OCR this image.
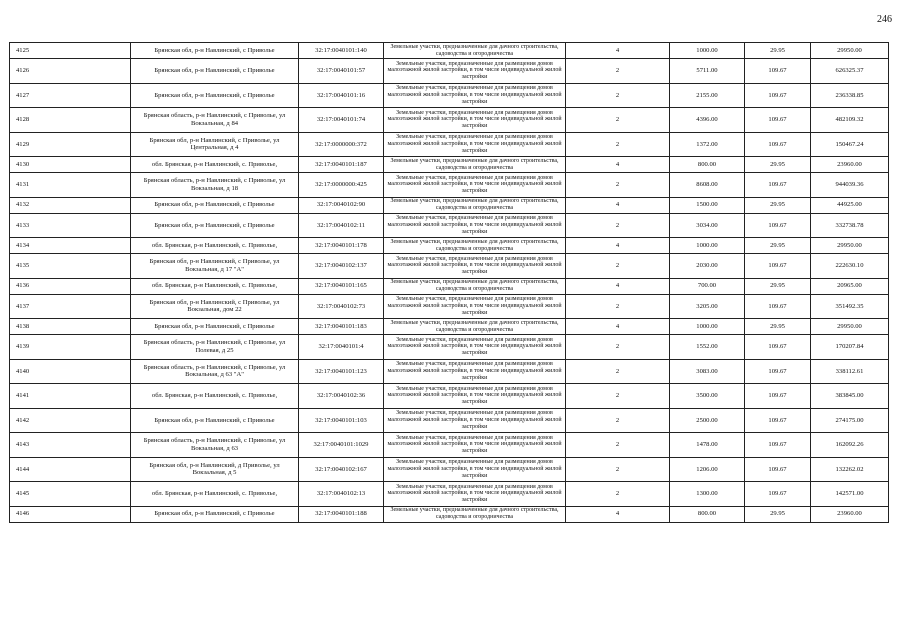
246
4125	Брянская обл, р-н Навлинский, с Приволье	32:17:0040101:140	Земельные участки, предназначенные для дачного строительства, садоводства и огородничества	4	1000.00	29.95	29950.00
4126	Брянская обл, р-н Навлинский, с Приволье	32:17:0040101:57	Земельные участки, предназначенные для размещения домов малоэтажной жилой застройки, в том числе индивидуальной жилой застройки	2	5711.00	109.67	626325.37
4127	Брянская обл, р-н Навлинский, с Приволье	32:17:0040101:16	Земельные участки, предназначенные для размещения домов малоэтажной жилой застройки, в том числе индивидуальной жилой застройки	2	2155.00	109.67	236338.85
4128	Брянская область, р-н Навлинский, с Приволье, ул Вокзальная, д 84	32:17:0040101:74	Земельные участки, предназначенные для размещения домов малоэтажной жилой застройки, в том числе индивидуальной жилой застройки	2	4396.00	109.67	482109.32
4129	Брянская обл, р-н Навлинский, с Приволье, ул Центральная, д 4	32:17:0000000:372	Земельные участки, предназначенные для размещения домов малоэтажной жилой застройки, в том числе индивидуальной жилой застройки	2	1372.00	109.67	150467.24
4130	обл. Брянская, р-н Навлинский, с. Приволье,	32:17:0040101:187	Земельные участки, предназначенные для дачного строительства, садоводства и огородничества	4	800.00	29.95	23960.00
4131	Брянская область, р-н Навлинский, с Приволье, ул Вокзальная, д 18	32:17:0000000:425	Земельные участки, предназначенные для размещения домов малоэтажной жилой застройки, в том числе индивидуальной жилой застройки	2	8608.00	109.67	944039.36
4132	Брянская обл, р-н Навлинский, с Приволье	32:17:0040102:90	Земельные участки, предназначенные для дачного строительства, садоводства и огородничества	4	1500.00	29.95	44925.00
4133	Брянская обл, р-н Навлинский, с Приволье	32:17:0040102:11	Земельные участки, предназначенные для размещения домов малоэтажной жилой застройки, в том числе индивидуальной жилой застройки	2	3034.00	109.67	332738.78
4134	обл. Брянская, р-н Навлинский, с. Приволье,	32:17:0040101:178	Земельные участки, предназначенные для дачного строительства, садоводства и огородничества	4	1000.00	29.95	29950.00
4135	Брянская обл, р-н Навлинский, с Приволье, ул Вокзальная, д 17 "А"	32:17:0040102:137	Земельные участки, предназначенные для размещения домов малоэтажной жилой застройки, в том числе индивидуальной жилой застройки	2	2030.00	109.67	222630.10
4136	обл. Брянская, р-н Навлинский, с. Приволье,	32:17:0040101:165	Земельные участки, предназначенные для дачного строительства, садоводства и огородничества	4	700.00	29.95	20965.00
4137	Брянская обл, р-н Навлинский, с Приволье, ул Вокзальная, дом 22	32:17:0040102:73	Земельные участки, предназначенные для размещения домов малоэтажной жилой застройки, в том числе индивидуальной жилой застройки	2	3205.00	109.67	351492.35
4138	Брянская обл, р-н Навлинский, с Приволье	32:17:0040101:183	Земельные участки, предназначенные для дачного строительства, садоводства и огородничества	4	1000.00	29.95	29950.00
4139	Брянская область, р-н Навлинский, с Приволье, ул Полевая, д 25	32:17:0040101:4	Земельные участки, предназначенные для размещения домов малоэтажной жилой застройки, в том числе индивидуальной жилой застройки	2	1552.00	109.67	170207.84
4140	Брянская область, р-н Навлинский, с Приволье, ул Вокзальная, д 63 "А"	32:17:0040101:123	Земельные участки, предназначенные для размещения домов малоэтажной жилой застройки, в том числе индивидуальной жилой застройки	2	3083.00	109.67	338112.61
4141	обл. Брянская, р-н Навлинский, с. Приволье,	32:17:0040102:36	Земельные участки, предназначенные для размещения домов малоэтажной жилой застройки, в том числе индивидуальной жилой застройки	2	3500.00	109.67	383845.00
4142	Брянская обл, р-н Навлинский, с Приволье	32:17:0040101:103	Земельные участки, предназначенные для размещения домов малоэтажной жилой застройки, в том числе индивидуальной жилой застройки	2	2500.00	109.67	274175.00
4143	Брянская область, р-н Навлинский, с Приволье, ул Вокзальная, д 63	32:17:0040101:1029	Земельные участки, предназначенные для размещения домов малоэтажной жилой застройки, в том числе индивидуальной жилой застройки	2	1478.00	109.67	162092.26
4144	Брянская обл, р-н Навлинский, д Приволье, ул Вокзальная, д 5	32:17:0040102:167	Земельные участки, предназначенные для размещения домов малоэтажной жилой застройки, в том числе индивидуальной жилой застройки	2	1206.00	109.67	132262.02
4145	обл. Брянская, р-н Навлинский, с. Приволье,	32:17:0040102:13	Земельные участки, предназначенные для размещения домов малоэтажной жилой застройки, в том числе индивидуальной жилой застройки	2	1300.00	109.67	142571.00
4146	Брянская обл, р-н Навлинский, с Приволье	32:17:0040101:188	Земельные участки, предназначенные для дачного строительства, садоводства и огородничества	4	800.00	29.95	23960.00
